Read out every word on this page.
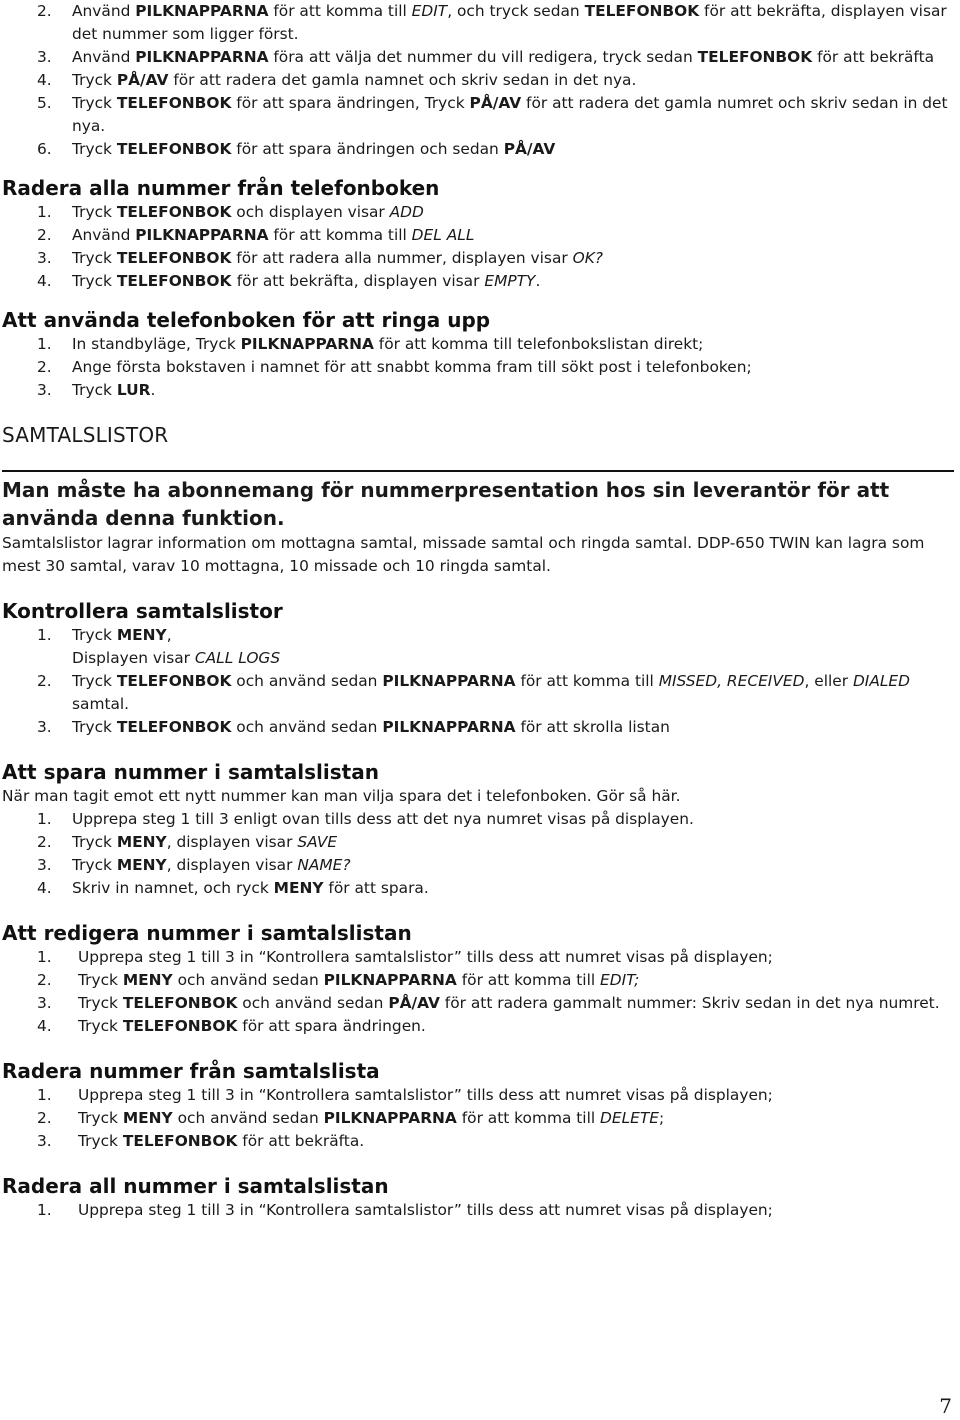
2. Använd PILKNAPPARNA för att komma till EDIT, och tryck sedan TELEFONBOK för att bekräfta, displayen visar det nummer som ligger först.
3. Använd PILKNAPPARNA föra att välja det nummer du vill redigera, tryck sedan TELEFONBOK för att bekräfta
4. Tryck PÅ/AV för att radera det gamla namnet och skriv sedan in det nya.
5. Tryck TELEFONBOK för att spara ändringen, Tryck PÅ/AV för att radera det gamla numret och skriv sedan in det nya.
6. Tryck TELEFONBOK för att spara ändringen och sedan PÅ/AV
Radera alla nummer från telefonboken
1. Tryck TELEFONBOK och displayen visar ADD
2. Använd PILKNAPPARNA för att komma till DEL ALL
3. Tryck TELEFONBOK för att radera alla nummer, displayen visar OK?
4. Tryck TELEFONBOK för att bekräfta, displayen visar EMPTY.
Att använda telefonboken för att ringa upp
1. In standbyläge, Tryck PILKNAPPARNA för att komma till telefonbokslistan direkt;
2. Ange första bokstaven i namnet för att snabbt komma fram till sökt post i telefonboken;
3. Tryck LUR.
SAMTALSLISTOR
Man måste ha abonnemang för nummerpresentation hos sin leverantör för att använda denna funktion.
Samtalslistor lagrar information om mottagna samtal, missade samtal och ringda samtal. DDP-650 TWIN kan lagra som mest 30 samtal, varav 10 mottagna, 10 missade och 10 ringda samtal.
Kontrollera samtalslistor
1. Tryck MENY,
Displayen visar CALL LOGS
2. Tryck TELEFONBOK och använd sedan PILKNAPPARNA för att komma till MISSED, RECEIVED, eller DIALED samtal.
3. Tryck TELEFONBOK och använd sedan PILKNAPPARNA för att skrolla listan
Att spara nummer i samtalslistan
När man tagit emot ett nytt nummer kan man vilja spara det i telefonboken. Gör så här.
1. Upprepa steg 1 till 3 enligt ovan tills dess att det nya numret visas på displayen.
2. Tryck MENY, displayen visar SAVE
3. Tryck MENY, displayen visar NAME?
4. Skriv in namnet, och ryck MENY för att spara.
Att redigera nummer i samtalslistan
1. Upprepa steg 1 till 3 in “Kontrollera samtalslistor” tills dess att numret visas på displayen;
2. Tryck MENY och använd sedan PILKNAPPARNA för att komma till EDIT;
3. Tryck TELEFONBOK och använd sedan PÅ/AV för att radera gammalt nummer: Skriv sedan in det nya numret.
4. Tryck TELEFONBOK för att spara ändringen.
Radera nummer från samtalslista
1. Upprepa steg 1 till 3 in “Kontrollera samtalslistor” tills dess att numret visas på displayen;
2. Tryck MENY och använd sedan PILKNAPPARNA för att komma till DELETE;
3. Tryck TELEFONBOK för att bekräfta.
Radera all nummer i samtalslistan
1. Upprepa steg 1 till 3 in “Kontrollera samtalslistor” tills dess att numret visas på displayen;
7
